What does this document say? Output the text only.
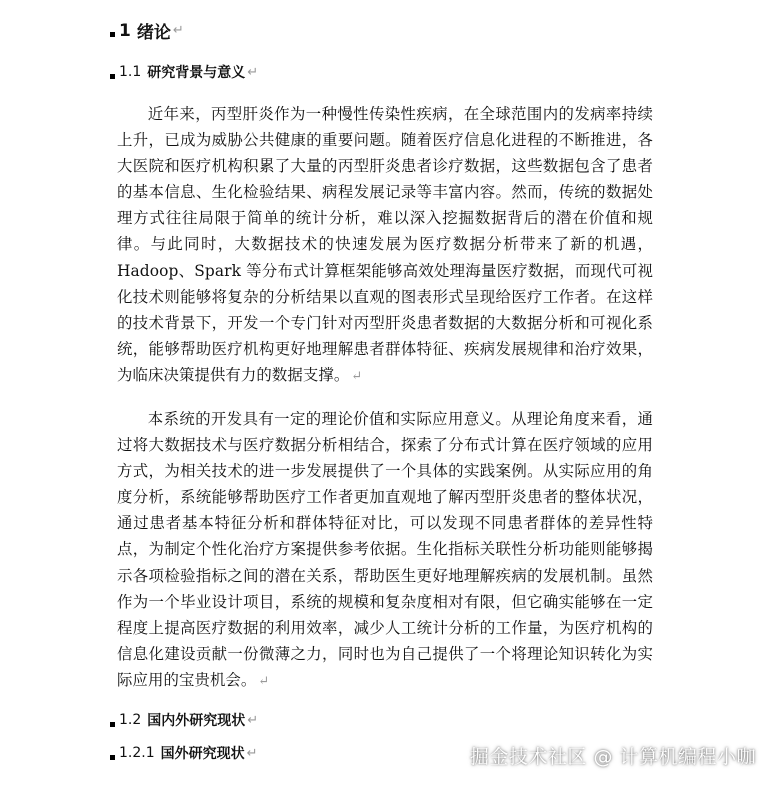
1 绪论 ↵
1.1 研究背景与意义 ↵

近年来，丙型肝炎作为一种慢性传染性疾病，在全球范围内的发病率持续上升，已成为威胁公共健康的重要问题。随着医疗信息化进程的不断推进，各大医院和医疗机构积累了大量的丙型肝炎患者诊疗数据，这些数据包含了患者的基本信息、生化检验结果、病程发展记录等丰富内容。然而，传统的数据处理方式往往局限于简单的统计分析，难以深入挖掘数据背后的潜在价值和规律。与此同时，大数据技术的快速发展为医疗数据分析带来了新的机遇，Hadoop、Spark 等分布式计算框架能够高效处理海量医疗数据，而现代可视化技术则能够将复杂的分析结果以直观的图表形式呈现给医疗工作者。在这样的技术背景下，开发一个专门针对丙型肝炎患者数据的大数据分析和可视化系统，能够帮助医疗机构更好地理解患者群体特征、疾病发展规律和治疗效果，为临床决策提供有力的数据支撑。 ↵

本系统的开发具有一定的理论价值和实际应用意义。从理论角度来看，通过将大数据技术与医疗数据分析相结合，探索了分布式计算在医疗领域的应用方式，为相关技术的进一步发展提供了一个具体的实践案例。从实际应用的角度分析，系统能够帮助医疗工作者更加直观地了解丙型肝炎患者的整体状况，通过患者基本特征分析和群体特征对比，可以发现不同患者群体的差异性特点，为制定个性化治疗方案提供参考依据。生化指标关联性分析功能则能够揭示各项检验指标之间的潜在关系，帮助医生更好地理解疾病的发展机制。虽然作为一个毕业设计项目，系统的规模和复杂度相对有限，但它确实能够在一定程度上提高医疗数据的利用效率，减少人工统计分析的工作量，为医疗机构的信息化建设贡献一份微薄之力，同时也为自己提供了一个将理论知识转化为实际应用的宝贵机会。 ↵

1.2 国内外研究现状 ↵
1.2.1 国外研究现状 ↵	掘金技术社区 @ 计算机编程小咖
